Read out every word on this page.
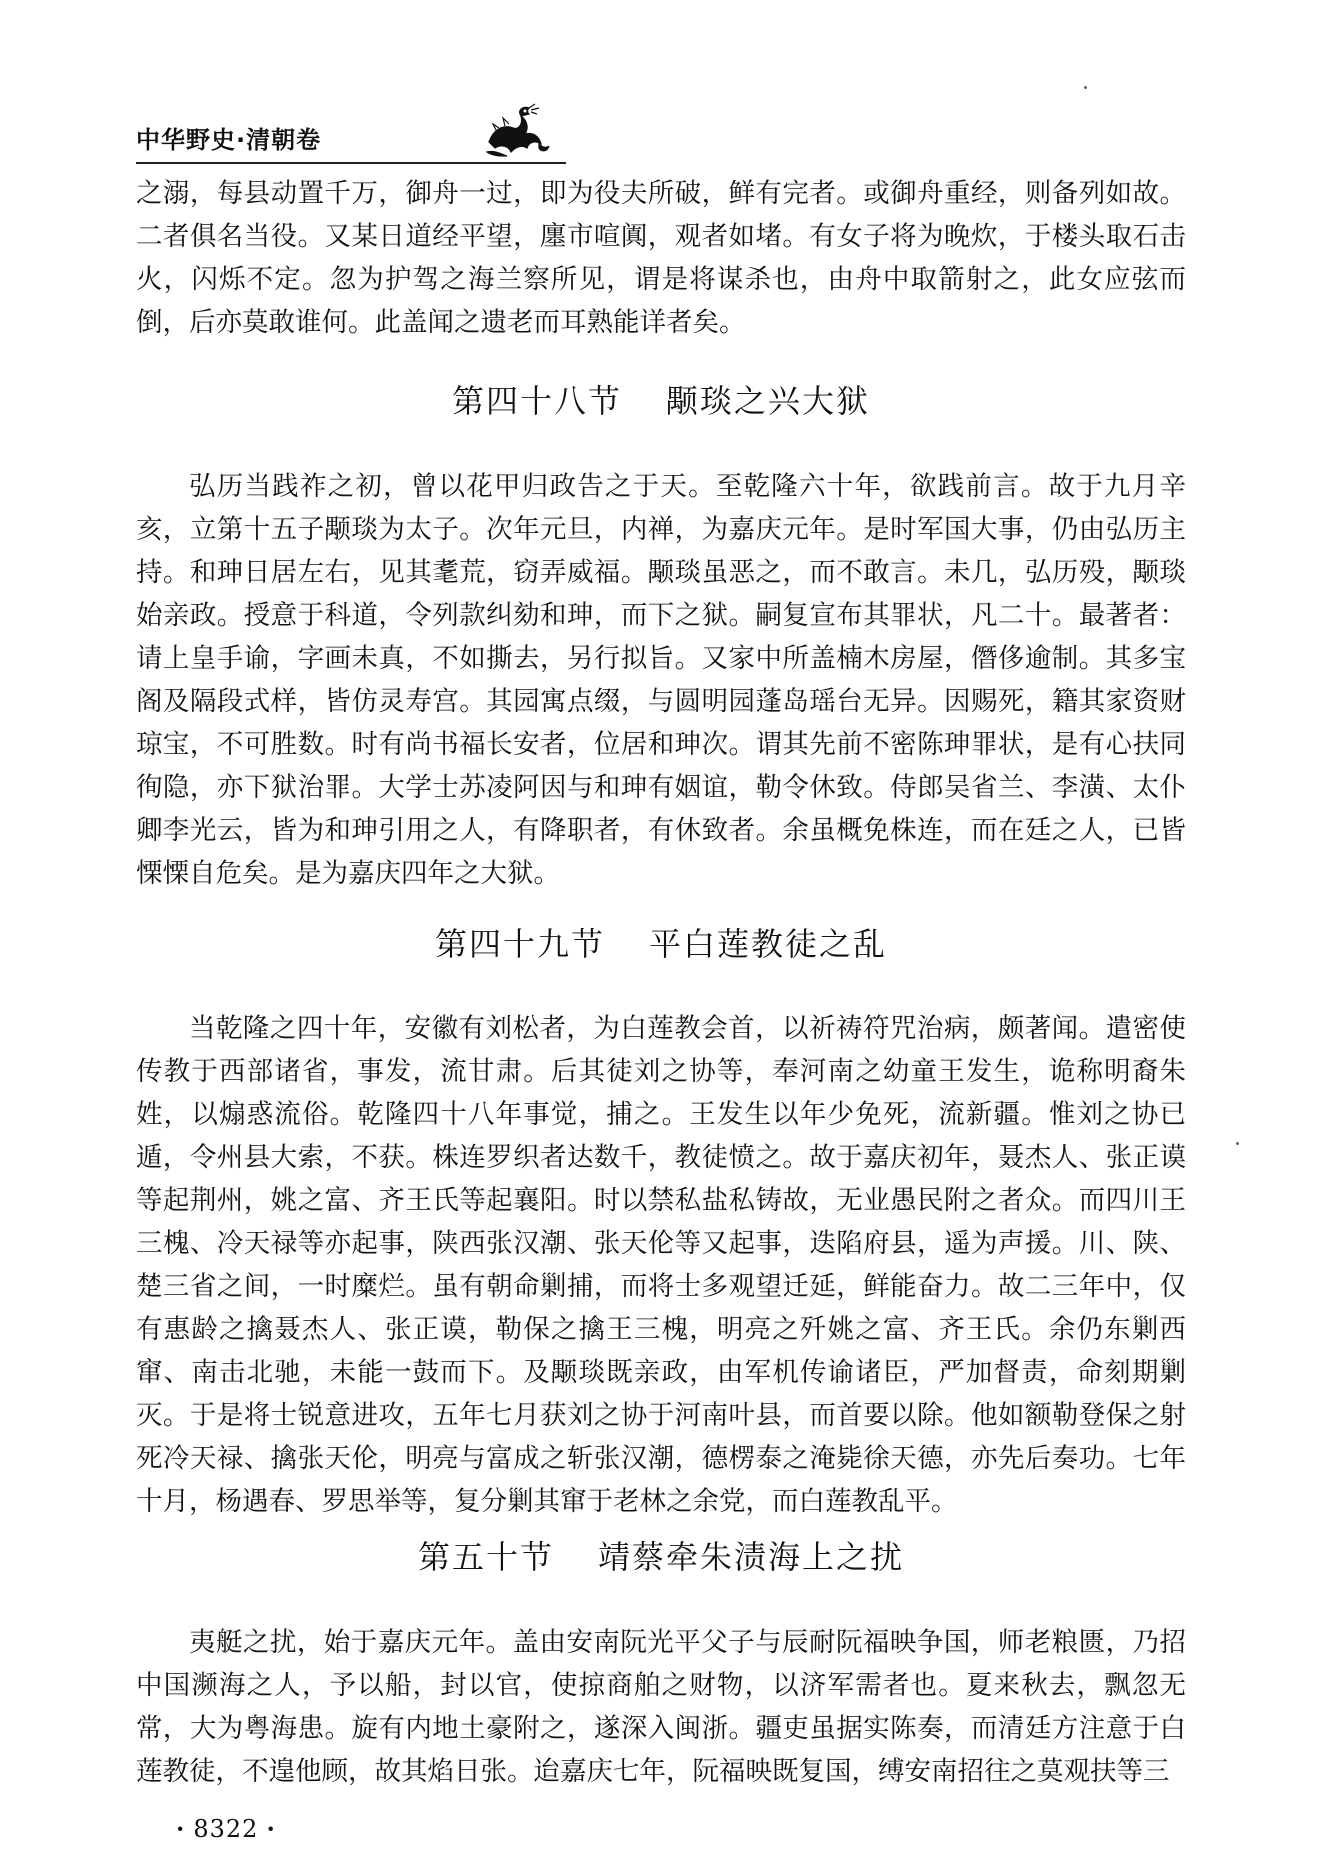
中华野史·清朝卷

之溺，每县动置千万，御舟一过，即为役夫所破，鲜有完者。或御舟重经，则备列如故。二者俱名当役。又某日道经平望，廛市喧阗，观者如堵。有女子将为晚炊，于楼头取石击火，闪烁不定。忽为护驾之海兰察所见，谓是将谋杀也，由舟中取箭射之，此女应弦而倒，后亦莫敢谁何。此盖闻之遗老而耳熟能详者矣。

第四十八节 颙琰之兴大狱

弘历当践祚之初，曾以花甲归政告之于天。至乾隆六十年，欲践前言。故于九月辛亥，立第十五子颙琰为太子。次年元旦，内禅，为嘉庆元年。是时军国大事，仍由弘历主持。和珅日居左右，见其耄荒，窃弄威福。颙琰虽恶之，而不敢言。未几，弘历殁，颙琰始亲政。授意于科道，令列款纠劾和珅，而下之狱。嗣复宣布其罪状，凡二十。最著者：请上皇手谕，字画未真，不如撕去，另行拟旨。又家中所盖楠木房屋，僭侈逾制。其多宝阁及隔段式样，皆仿灵寿宫。其园寓点缀，与圆明园蓬岛瑶台无异。因赐死，籍其家资财琼宝，不可胜数。时有尚书福长安者，位居和珅次。谓其先前不密陈珅罪状，是有心扶同徇隐，亦下狱治罪。大学士苏凌阿因与和珅有姻谊，勒令休致。侍郎吴省兰、李潢、太仆卿李光云，皆为和珅引用之人，有降职者，有休致者。余虽概免株连，而在廷之人，已皆慄慄自危矣。是为嘉庆四年之大狱。

第四十九节 平白莲教徒之乱

当乾隆之四十年，安徽有刘松者，为白莲教会首，以祈祷符咒治病，颇著闻。遣密使传教于西部诸省，事发，流甘肃。后其徒刘之协等，奉河南之幼童王发生，诡称明裔朱姓，以煽惑流俗。乾隆四十八年事觉，捕之。王发生以年少免死，流新疆。惟刘之协已遁，令州县大索，不获。株连罗织者达数千，教徒愤之。故于嘉庆初年，聂杰人、张正谟等起荆州，姚之富、齐王氏等起襄阳。时以禁私盐私铸故，无业愚民附之者众。而四川王三槐、冷天禄等亦起事，陕西张汉潮、张天伦等又起事，迭陷府县，遥为声援。川、陕、楚三省之间，一时糜烂。虽有朝命剿捕，而将士多观望迁延，鲜能奋力。故二三年中，仅有惠龄之擒聂杰人、张正谟，勒保之擒王三槐，明亮之歼姚之富、齐王氏。余仍东剿西窜、南击北驰，未能一鼓而下。及颙琰既亲政，由军机传谕诸臣，严加督责，命刻期剿灭。于是将士锐意进攻，五年七月获刘之协于河南叶县，而首要以除。他如额勒登保之射死冷天禄、擒张天伦，明亮与富成之斩张汉潮，德楞泰之淹毙徐天德，亦先后奏功。七年十月，杨遇春、罗思举等，复分剿其窜于老林之余党，而白莲教乱平。

第五十节 靖蔡牵朱渍海上之扰

夷艇之扰，始于嘉庆元年。盖由安南阮光平父子与辰耐阮福映争国，师老粮匮，乃招中国濒海之人，予以船，封以官，使掠商舶之财物，以济军需者也。夏来秋去，飘忽无常，大为粤海患。旋有内地土豪附之，遂深入闽浙。疆吏虽据实陈奏，而清廷方注意于白莲教徒，不遑他顾，故其焰日张。迨嘉庆七年，阮福映既复国，缚安南招往之莫观扶等三

· 8322 ·
